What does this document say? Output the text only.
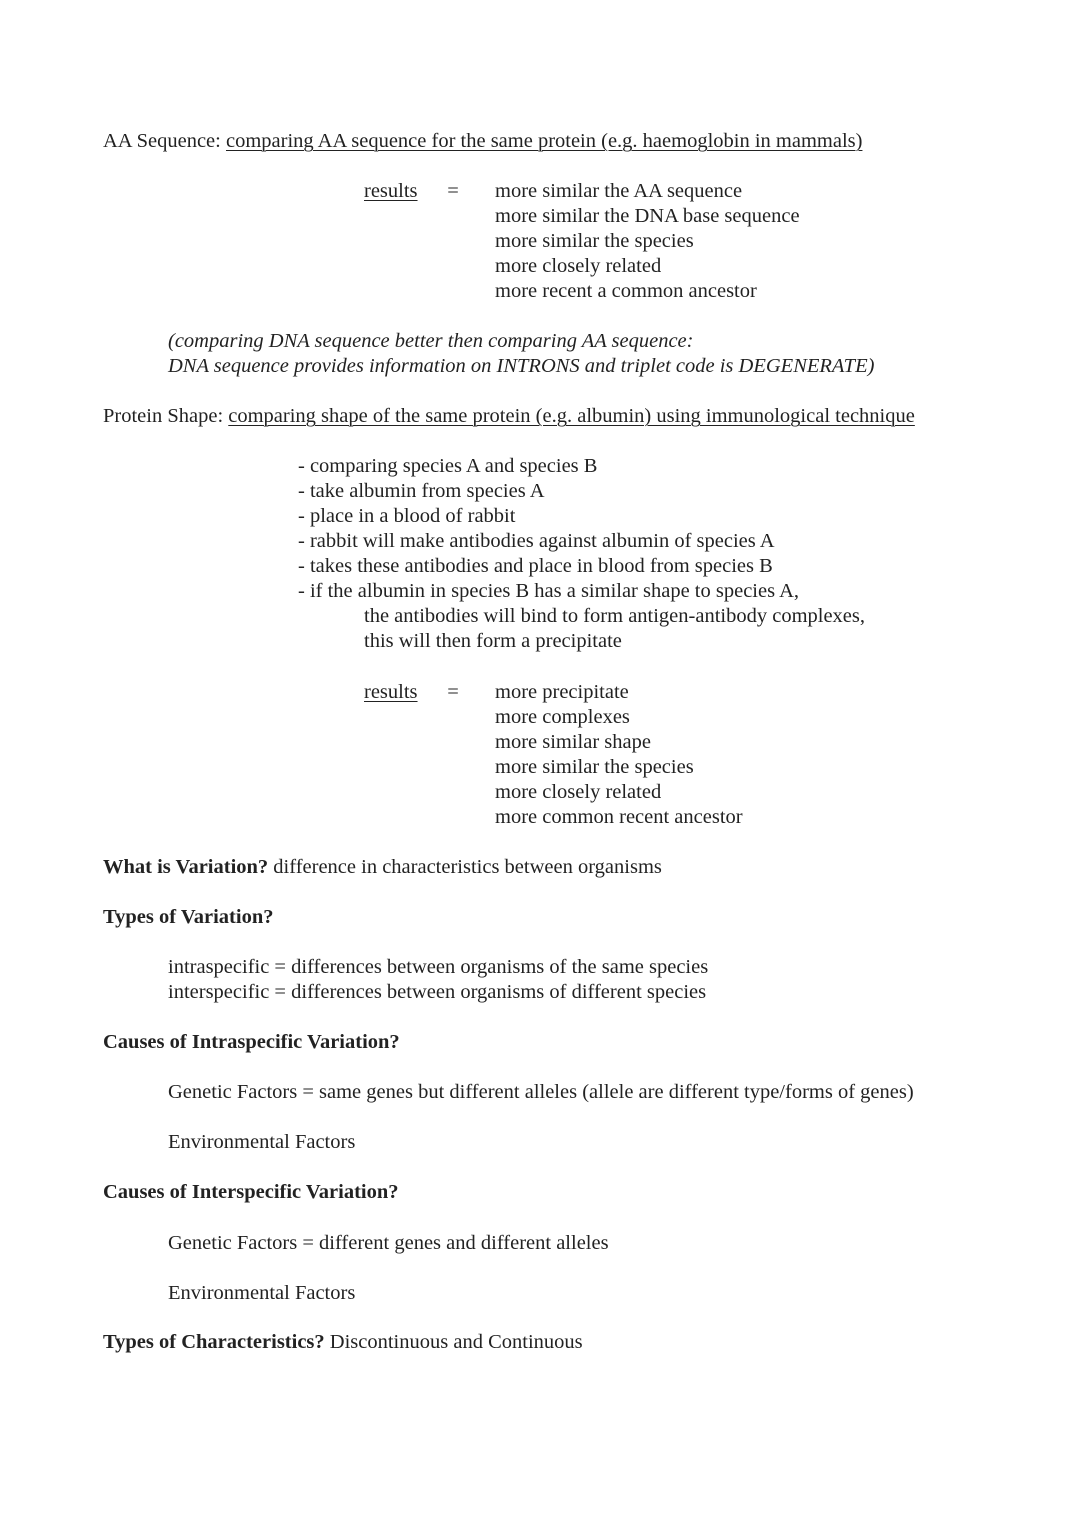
AA Sequence: comparing AA sequence for the same protein (e.g. haemoglobin in mammals)
results = more similar the AA sequence
more similar the DNA base sequence
more similar the species
more closely related
more recent a common ancestor
(comparing DNA sequence better then comparing AA sequence:
DNA sequence provides information on INTRONS and triplet code is DEGENERATE)
Protein Shape: comparing shape of the same protein (e.g. albumin) using immunological technique
- comparing species A and species B
- take albumin from species A
- place in a blood of rabbit
- rabbit will make antibodies against albumin of species A
- takes these antibodies and place in blood from species B
- if the albumin in species B has a similar shape to species A,
the antibodies will bind to form antigen-antibody complexes,
this will then form a precipitate
results = more precipitate
more complexes
more similar shape
more similar the species
more closely related
more common recent ancestor
What is Variation? difference in characteristics between organisms
Types of Variation?
intraspecific = differences between organisms of the same species
interspecific = differences between organisms of different species
Causes of Intraspecific Variation?
Genetic Factors = same genes but different alleles (allele are different type/forms of genes)
Environmental Factors
Causes of Interspecific Variation?
Genetic Factors = different genes and different alleles
Environmental Factors
Types of Characteristics? Discontinuous and Continuous
